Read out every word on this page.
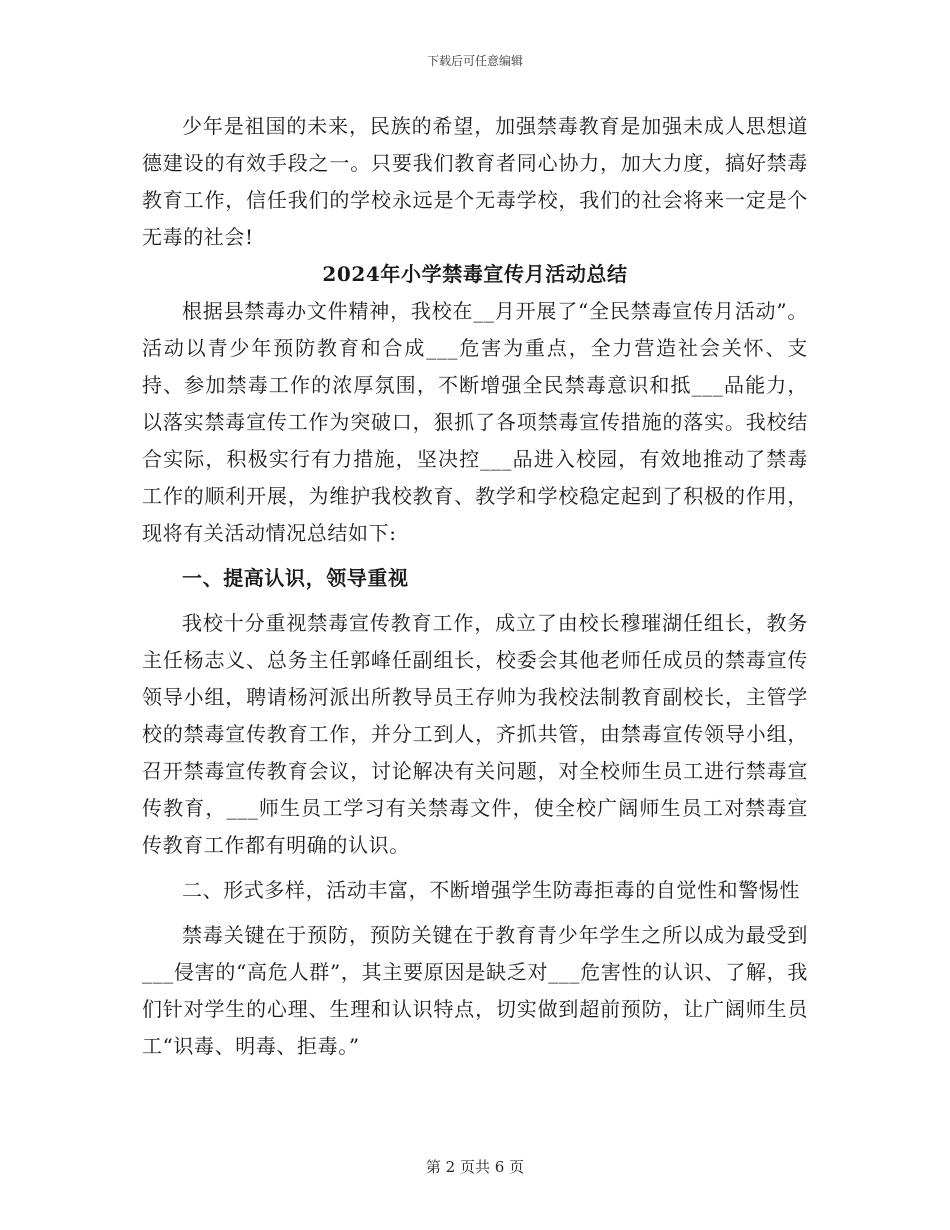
下载后可任意编辑

少年是祖国的未来，民族的希望，加强禁毒教育是加强未成人思想道德建设的有效手段之一。只要我们教育者同心协力，加大力度，搞好禁毒教育工作，信任我们的学校永远是个无毒学校，我们的社会将来一定是个无毒的社会!

2024年小学禁毒宣传月活动总结

根据县禁毒办文件精神，我校在__月开展了“全民禁毒宣传月活动”。活动以青少年预防教育和合成___危害为重点，全力营造社会关怀、支持、参加禁毒工作的浓厚氛围，不断增强全民禁毒意识和抵___品能力，以落实禁毒宣传工作为突破口，狠抓了各项禁毒宣传措施的落实。我校结合实际，积极实行有力措施，坚决控___品进入校园，有效地推动了禁毒工作的顺利开展，为维护我校教育、教学和学校稳定起到了积极的作用，现将有关活动情况总结如下:

一、提高认识，领导重视

我校十分重视禁毒宣传教育工作，成立了由校长穆璀湖任组长，教务主任杨志义、总务主任郭峰任副组长，校委会其他老师任成员的禁毒宣传领导小组，聘请杨河派出所教导员王存帅为我校法制教育副校长，主管学校的禁毒宣传教育工作，并分工到人，齐抓共管，由禁毒宣传领导小组，召开禁毒宣传教育会议，讨论解决有关问题，对全校师生员工进行禁毒宣传教育，___师生员工学习有关禁毒文件，使全校广阔师生员工对禁毒宣传教育工作都有明确的认识。

二、形式多样，活动丰富，不断增强学生防毒拒毒的自觉性和警惕性

禁毒关键在于预防，预防关键在于教育青少年学生之所以成为最受到___侵害的“高危人群”，其主要原因是缺乏对___危害性的认识、了解，我们针对学生的心理、生理和认识特点，切实做到超前预防，让广阔师生员工“识毒、明毒、拒毒。”

第 2 页共 6 页
